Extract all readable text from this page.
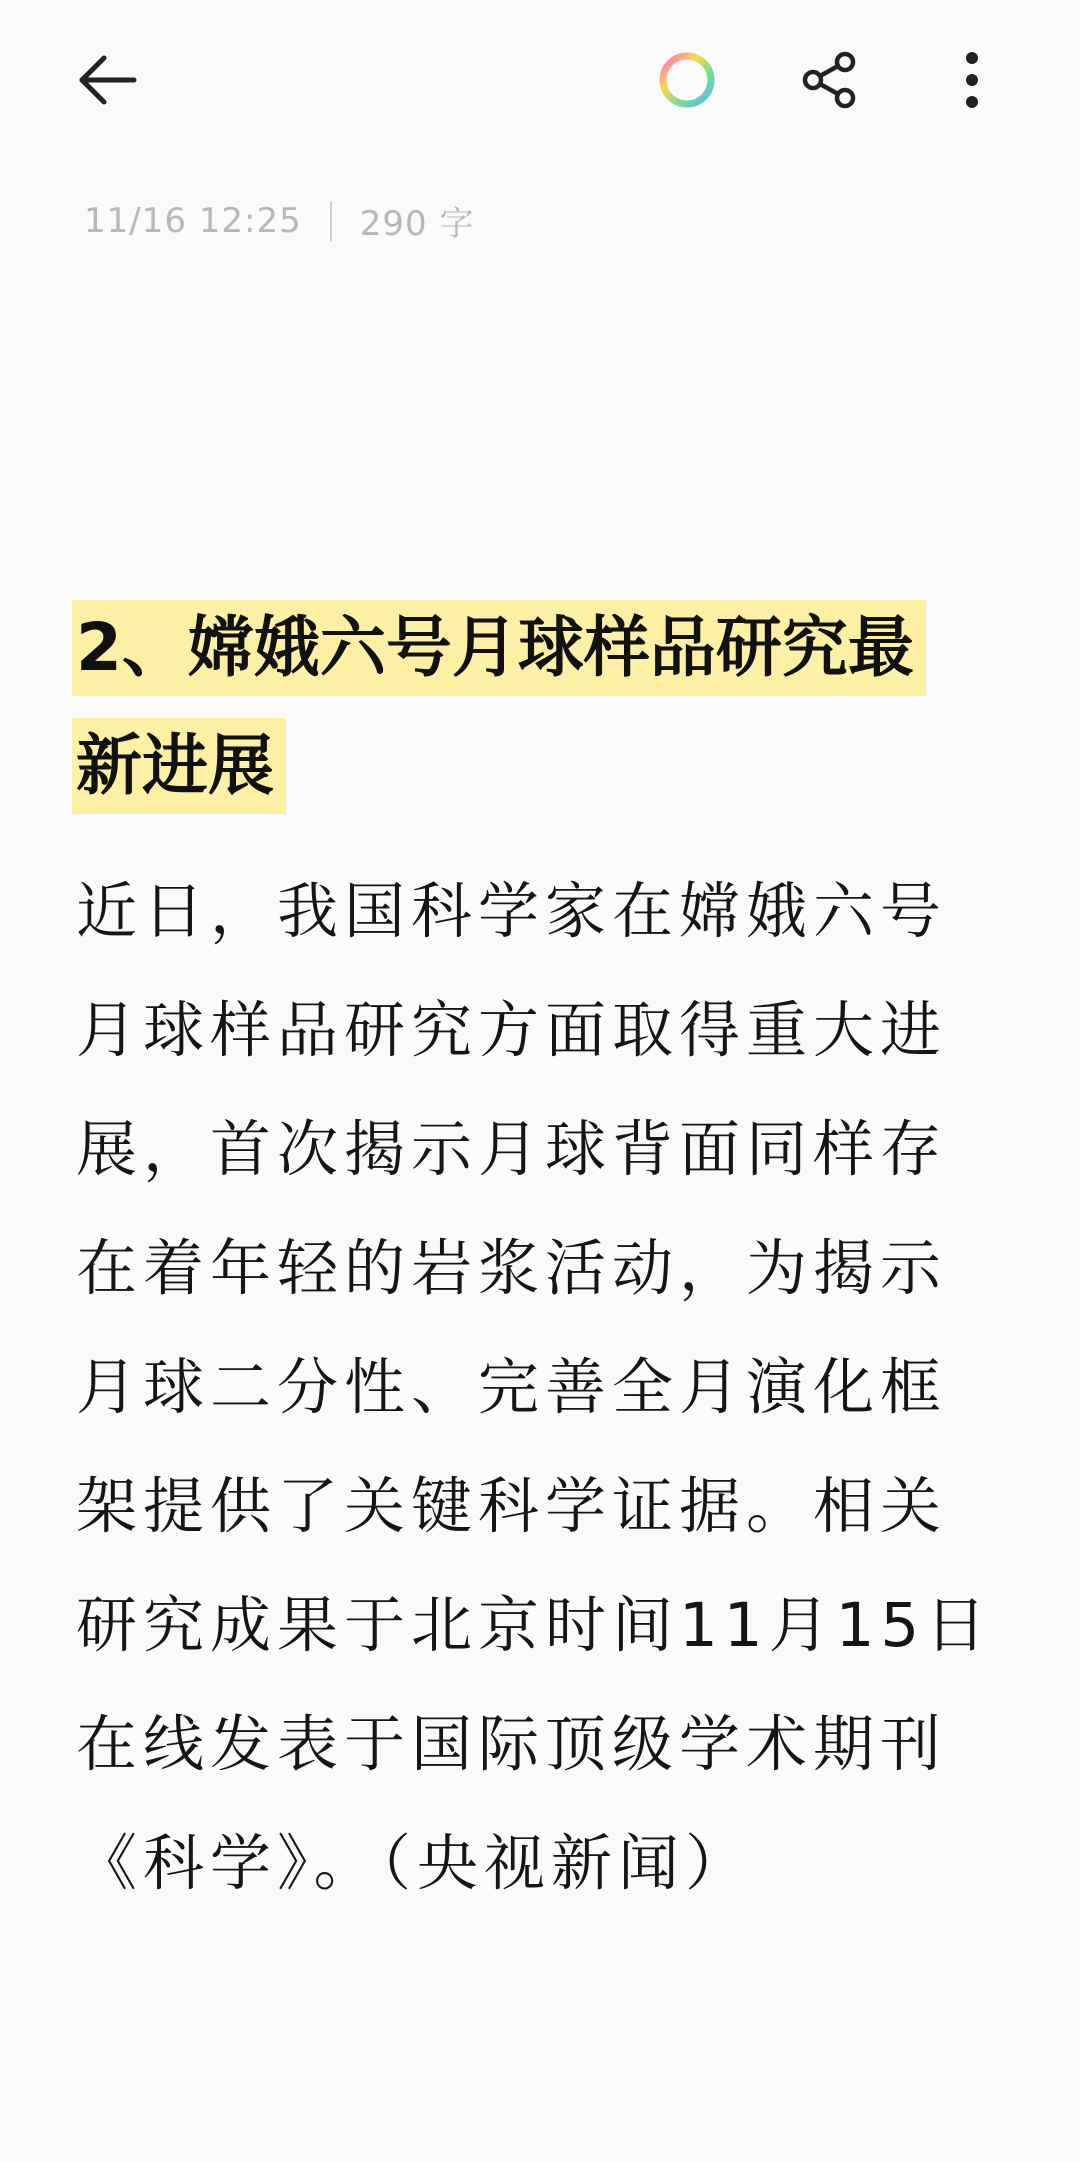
11/16 12:25 290 字
2、嫦娥六号月球样品研究最
新进展
近日，我国科学家在嫦娥六号
月球样品研究方面取得重大进
展，首次揭示月球背面同样存
在着年轻的岩浆活动，为揭示
月球二分性、完善全月演化框
架提供了关键科学证据。相关
研究成果于北京时间11月15日
在线发表于国际顶级学术期刊
《科学》。（央视新闻）
